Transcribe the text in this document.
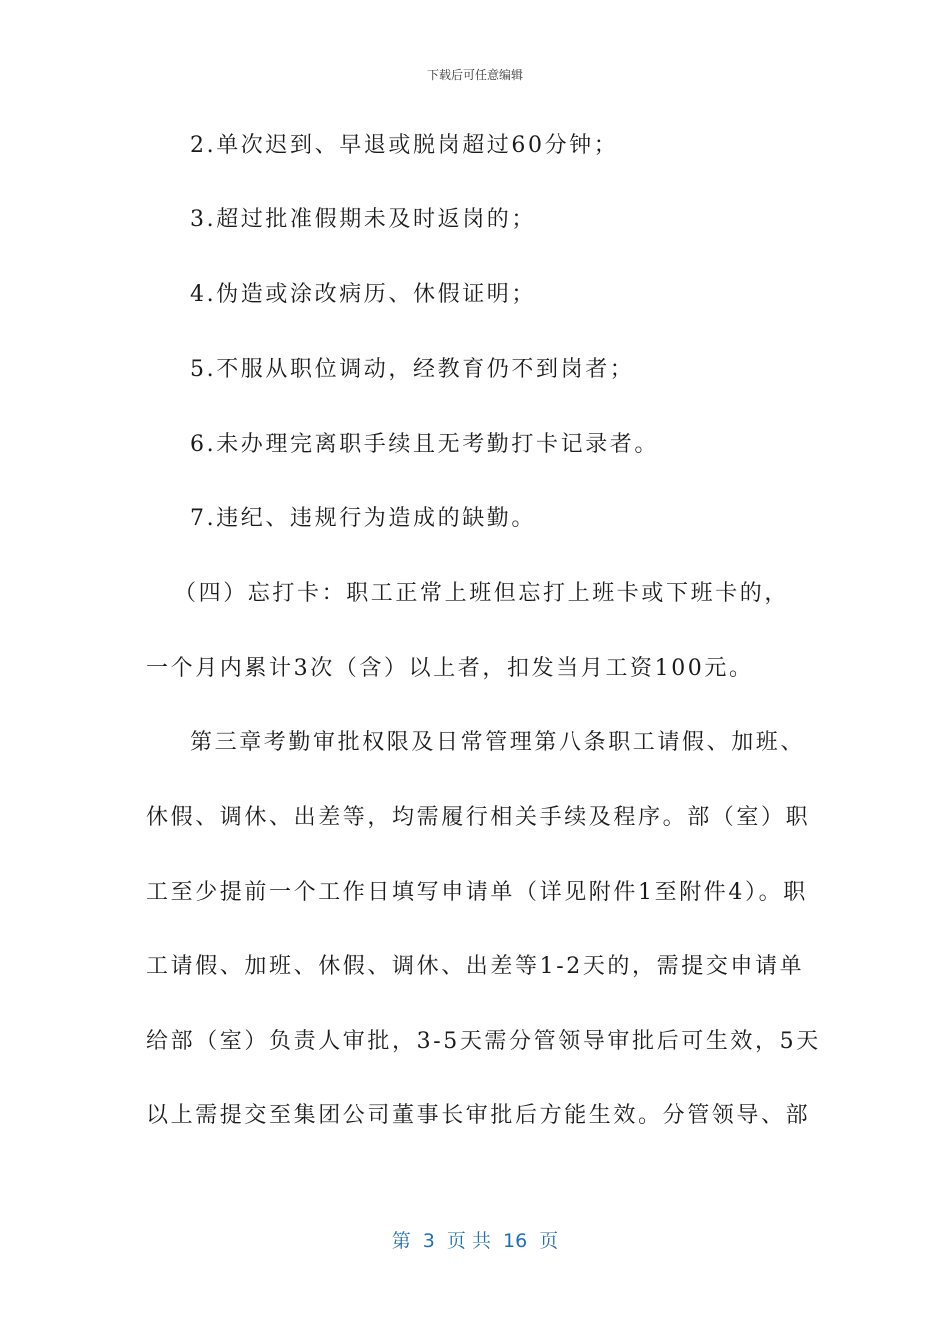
下载后可任意编辑
2.单次迟到、早退或脱岗超过60分钟；
3.超过批准假期未及时返岗的；
4.伪造或涂改病历、休假证明；
5.不服从职位调动，经教育仍不到岗者；
6.未办理完离职手续且无考勤打卡记录者。
7.违纪、违规行为造成的缺勤。
（四）忘打卡：职工正常上班但忘打上班卡或下班卡的，
一个月内累计3次（含）以上者，扣发当月工资100元。
第三章考勤审批权限及日常管理第八条职工请假、加班、
休假、调休、出差等，均需履行相关手续及程序。部（室）职
工至少提前一个工作日填写申请单（详见附件1至附件4）。职
工请假、加班、休假、调休、出差等1-2天的，需提交申请单
给部（室）负责人审批，3-5天需分管领导审批后可生效，5天
以上需提交至集团公司董事长审批后方能生效。分管领导、部
第  3  页 共  16  页
